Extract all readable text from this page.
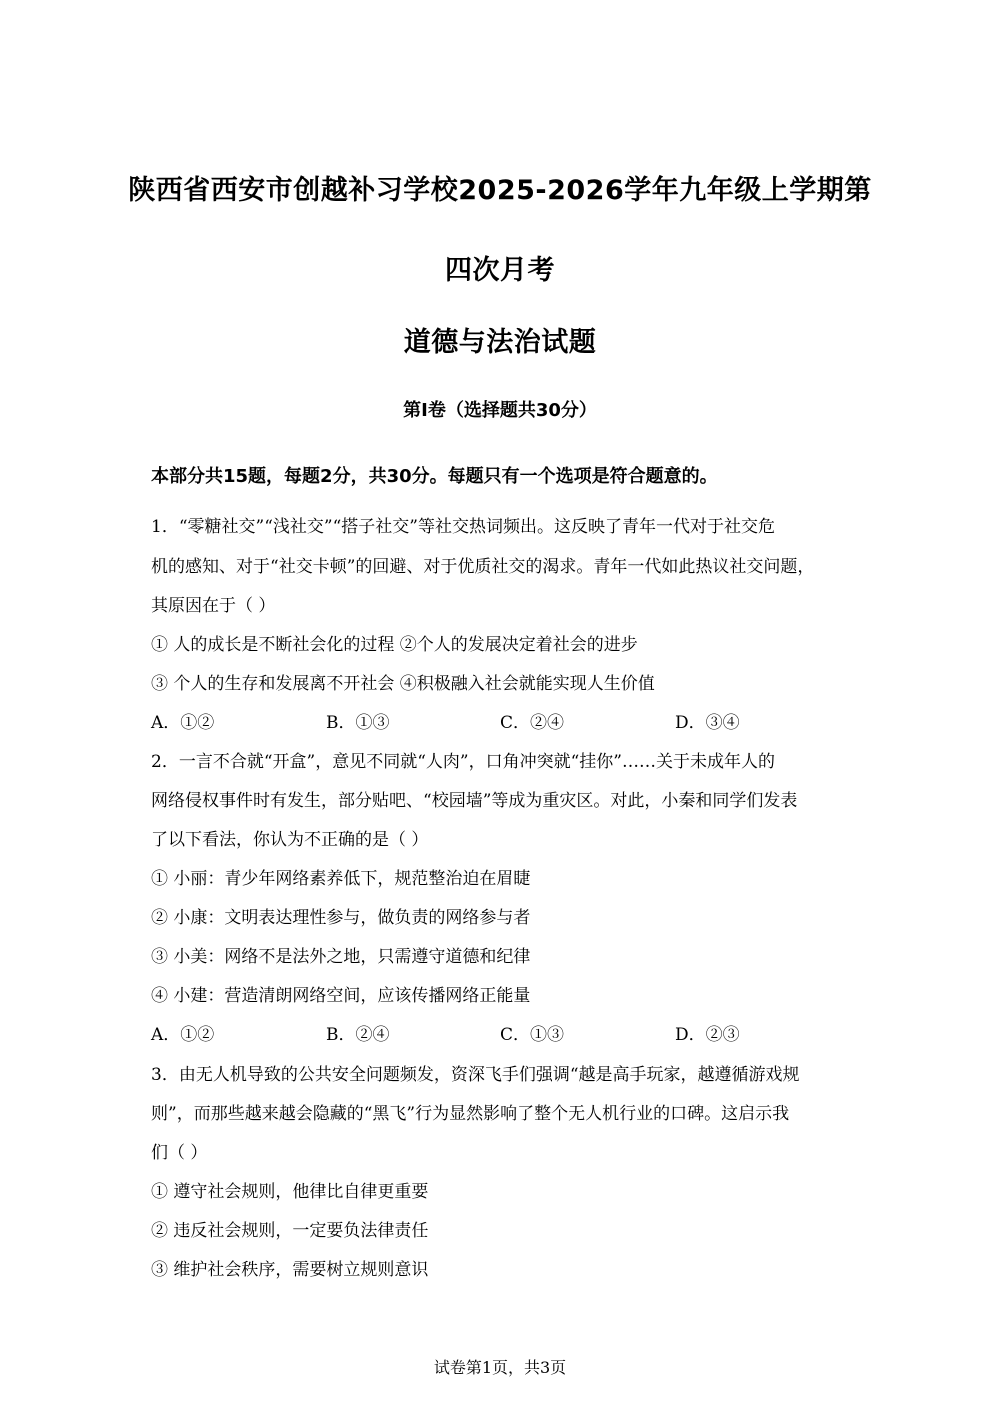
陕西省西安市创越补习学校2025-2026学年九年级上学期第
四次月考
道德与法治试题
第Ⅰ卷（选择题共30分）
本部分共15题，每题2分，共30分。每题只有一个选项是符合题意的。
1．“零糖社交”“浅社交”“搭子社交”等社交热词频出。这反映了青年一代对于社交危
机的感知、对于“社交卡顿”的回避、对于优质社交的渴求。青年一代如此热议社交问题，
其原因在于（ ）
① 人的成长是不断社会化的过程 ②个人的发展决定着社会的进步
③ 个人的生存和发展离不开社会 ④积极融入社会就能实现人生价值
A．①②	B．①③	C．②④	D．③④
2．一言不合就“开盒”，意见不同就“人肉”，口角冲突就“挂你”……关于未成年人的
网络侵权事件时有发生，部分贴吧、“校园墙”等成为重灾区。对此，小秦和同学们发表
了以下看法，你认为不正确的是（ ）
① 小丽：青少年网络素养低下，规范整治迫在眉睫
② 小康：文明表达理性参与，做负责的网络参与者
③ 小美：网络不是法外之地，只需遵守道德和纪律
④ 小建：营造清朗网络空间，应该传播网络正能量
A．①②	B．②④	C．①③	D．②③
3．由无人机导致的公共安全问题频发，资深飞手们强调“越是高手玩家，越遵循游戏规
则”，而那些越来越会隐藏的“黑飞”行为显然影响了整个无人机行业的口碑。这启示我
们（ ）
① 遵守社会规则，他律比自律更重要
② 违反社会规则，一定要负法律责任
③ 维护社会秩序，需要树立规则意识
试卷第1页，共3页
